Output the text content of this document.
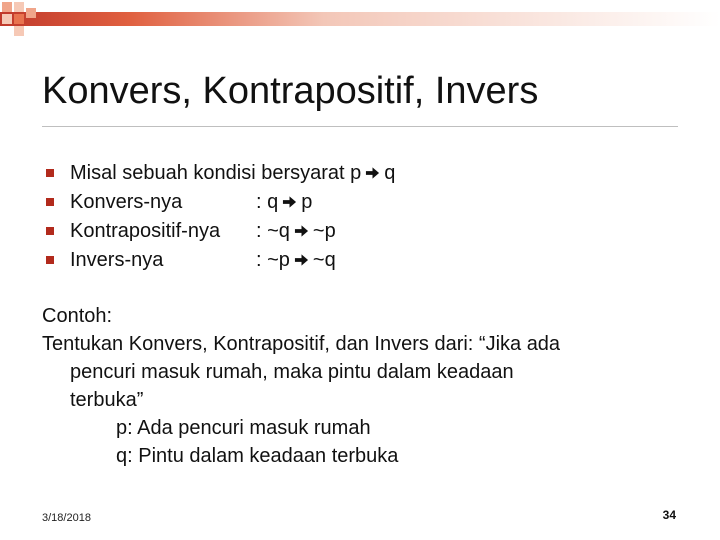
Konvers, Kontrapositif, Invers
Misal sebuah kondisi bersyarat p q
Konvers-nya	: q p
Kontrapositif-nya : ~q ~p
Invers-nya	: ~p ~q

Contoh:

Tentukan Konvers, Kontrapositif, dan Invers dari: “Jika ada

pencuri masuk rumah, maka pintu dalam keadaan

terbuka”

p: Ada pencuri masuk rumah

q: Pintu dalam keadaan terbuka

3/18/2018	34
